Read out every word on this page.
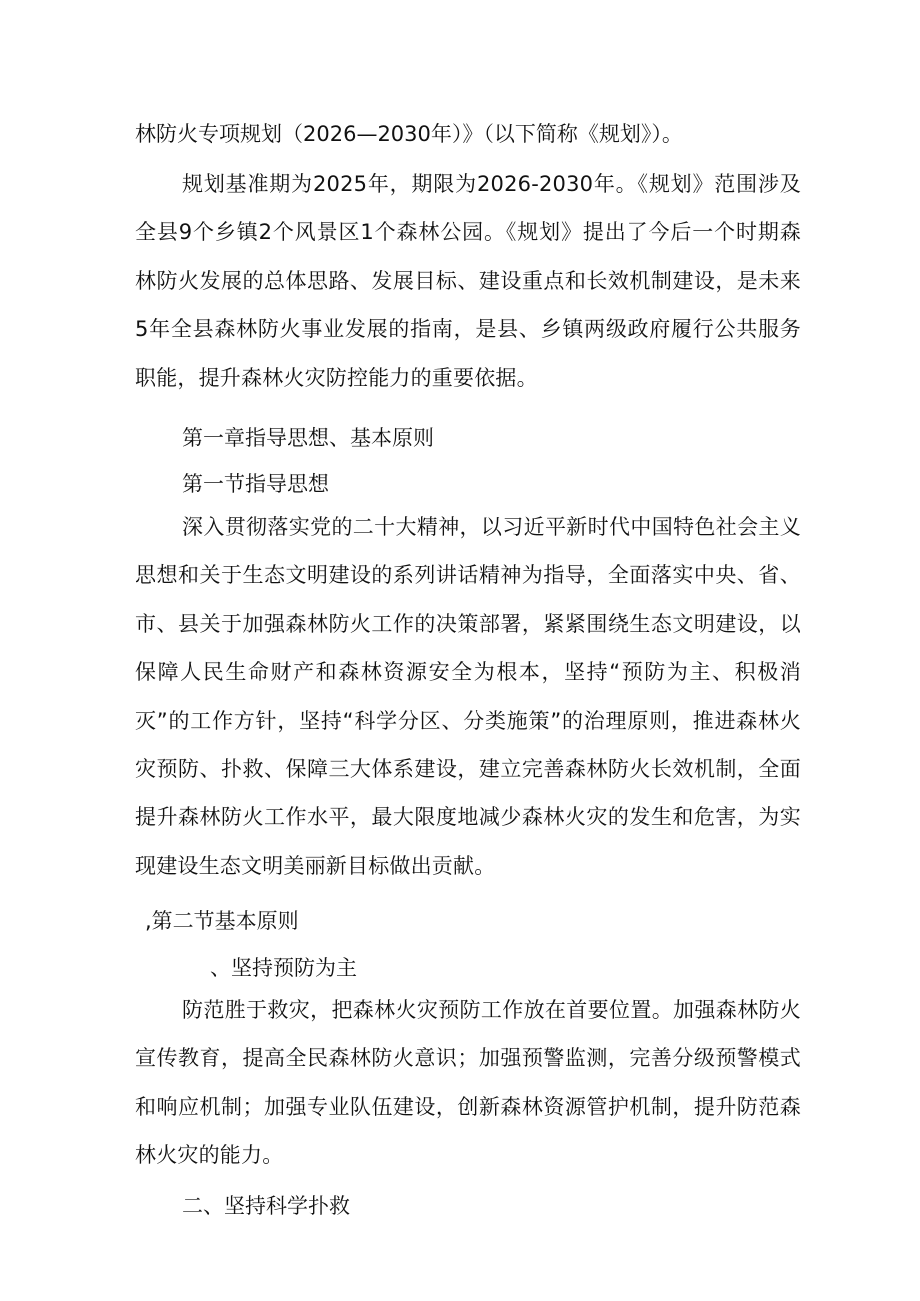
林防火专项规划（2026—2030年）》（以下简称《规划》）。

规划基准期为2025年，期限为2026-2030年。《规划》范围涉及全县9个乡镇2个风景区1个森林公园。《规划》提出了今后一个时期森林防火发展的总体思路、发展目标、建设重点和长效机制建设，是未来5年全县森林防火事业发展的指南，是县、乡镇两级政府履行公共服务职能，提升森林火灾防控能力的重要依据。

第一章指导思想、基本原则
第一节指导思想

深入贯彻落实党的二十大精神，以习近平新时代中国特色社会主义思想和关于生态文明建设的系列讲话精神为指导，全面落实中央、省、市、县关于加强森林防火工作的决策部署，紧紧围绕生态文明建设，以保障人民生命财产和森林资源安全为根本，坚持“预防为主、积极消灭”的工作方针，坚持“科学分区、分类施策”的治理原则，推进森林火灾预防、扑救、保障三大体系建设，建立完善森林防火长效机制，全面提升森林防火工作水平，最大限度地减少森林火灾的发生和危害，为实现建设生态文明美丽新目标做出贡献。

,第二节基本原则
、坚持预防为主

防范胜于救灾，把森林火灾预防工作放在首要位置。加强森林防火宣传教育，提高全民森林防火意识；加强预警监测，完善分级预警模式和响应机制；加强专业队伍建设，创新森林资源管护机制，提升防范森林火灾的能力。

二、坚持科学扑救
